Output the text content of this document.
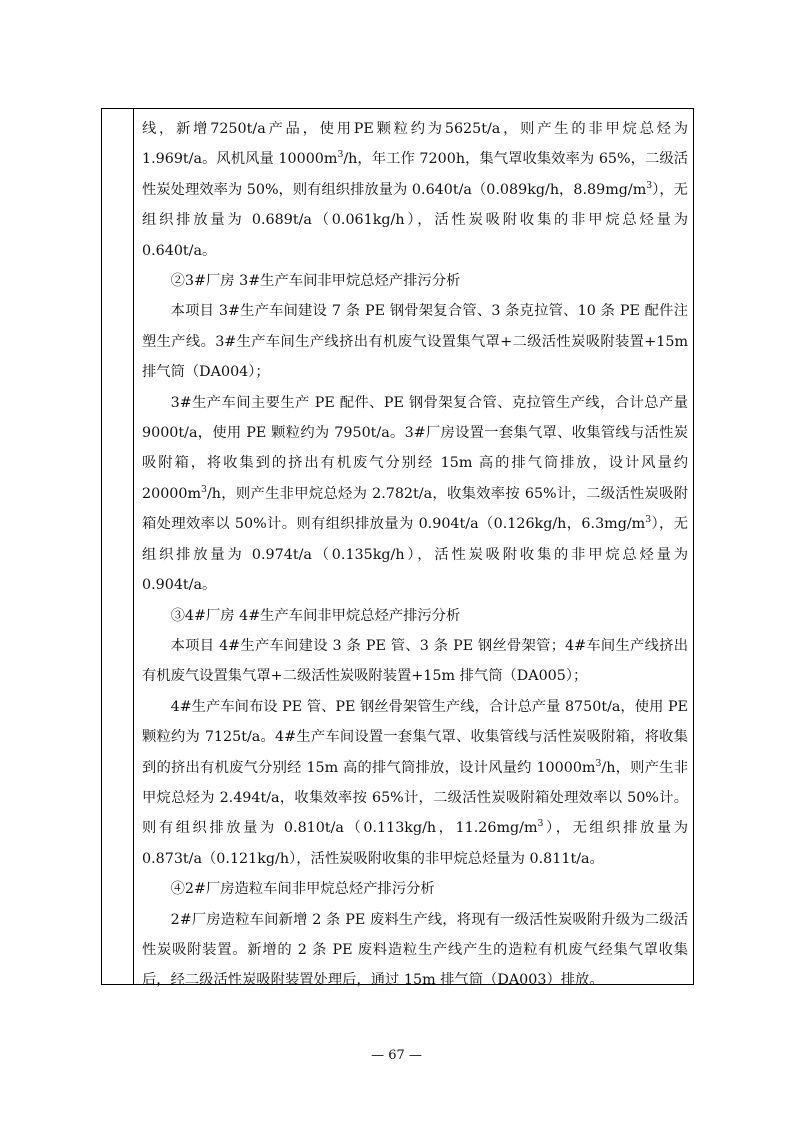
线，新增7250t/a产品，使用PE颗粒约为5625t/a，则产生的非甲烷总烃为1.969t/a。风机风量 $10000m^3/h$，年工作 7200h，集气罩收集效率为 65%，二级活性炭处理效率为 50%，则有组织排放量为 0.640t/a（0.089kg/h，$8.89mg/m^3$），无组织排放量为 0.689t/a（0.061kg/h），活性炭吸附收集的非甲烷总烃量为 0.640t/a。

②3#厂房 3#生产车间非甲烷总烃产排污分析

本项目 3#生产车间建设 7 条 PE 钢骨架复合管、3 条克拉管、10 条 PE 配件注塑生产线。3#生产车间生产线挤出有机废气设置集气罩+二级活性炭吸附装置+15m 排气筒（DA004）；

3#生产车间主要生产 PE 配件、PE 钢骨架复合管、克拉管生产线，合计总产量 9000t/a，使用 PE 颗粒约为 7950t/a。3#厂房设置一套集气罩、收集管线与活性炭吸附箱，将收集到的挤出有机废气分别经 15m 高的排气筒排放，设计风量约 $20000m^3/h$，则产生非甲烷总烃为 2.782t/a，收集效率按 65%计，二级活性炭吸附箱处理效率以 50%计。则有组织排放量为 0.904t/a（0.126kg/h，$6.3mg/m^3$），无组织排放量为 0.974t/a（0.135kg/h），活性炭吸附收集的非甲烷总烃量为 0.904t/a。

③4#厂房 4#生产车间非甲烷总烃产排污分析

本项目 4#生产车间建设 3 条 PE 管、3 条 PE 钢丝骨架管；4#车间生产线挤出有机废气设置集气罩+二级活性炭吸附装置+15m 排气筒（DA005）；

4#生产车间布设 PE 管、PE 钢丝骨架管生产线，合计总产量 8750t/a，使用 PE 颗粒约为 7125t/a。4#生产车间设置一套集气罩、收集管线与活性炭吸附箱，将收集到的挤出有机废气分别经 15m 高的排气筒排放，设计风量约 $10000m^3/h$，则产生非甲烷总烃为 2.494t/a，收集效率按 65%计，二级活性炭吸附箱处理效率以 50%计。则有组织排放量为 0.810t/a（0.113kg/h，$11.26mg/m^3$），无组织排放量为 0.873t/a（0.121kg/h），活性炭吸附收集的非甲烷总烃量为 0.811t/a。

④2#厂房造粒车间非甲烷总烃产排污分析

2#厂房造粒车间新增 2 条 PE 废料生产线，将现有一级活性炭吸附升级为二级活性炭吸附装置。新增的 2 条 PE 废料造粒生产线产生的造粒有机废气经集气罩收集后，经二级活性炭吸附装置处理后，通过 15m 排气筒（DA003）排放。

— 67 —
